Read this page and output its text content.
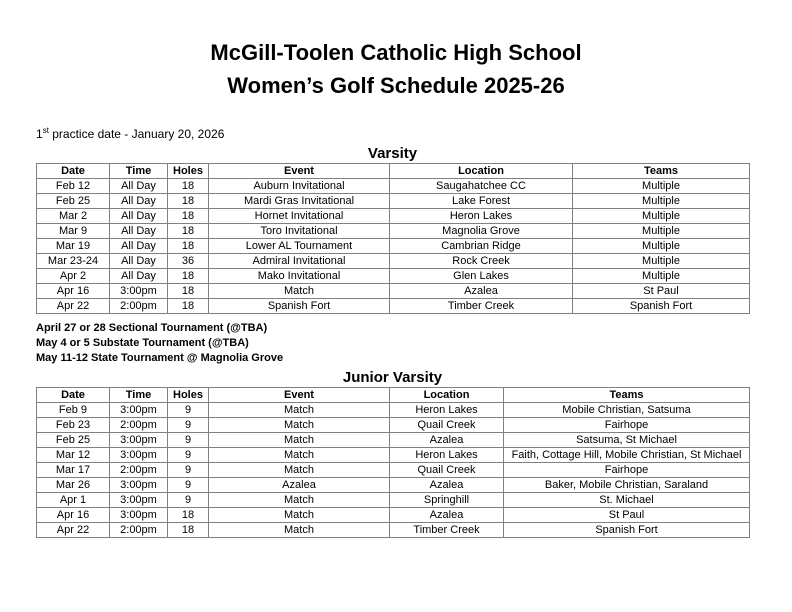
McGill-Toolen Catholic High School
Women’s Golf Schedule 2025-26
1st practice date - January 20, 2026
Varsity
Date	Time	Holes	Event	Location	Teams
Feb 12	All Day	18	Auburn Invitational	Saugahatchee CC	Multiple
Feb 25	All Day	18	Mardi Gras Invitational	Lake Forest	Multiple
Mar 2	All Day	18	Hornet Invitational	Heron Lakes	Multiple
Mar 9	All Day	18	Toro Invitational	Magnolia Grove	Multiple
Mar 19	All Day	18	Lower AL Tournament	Cambrian Ridge	Multiple
Mar 23-24	All Day	36	Admiral Invitational	Rock Creek	Multiple
Apr 2	All Day	18	Mako Invitational	Glen Lakes	Multiple
Apr 16	3:00pm	18	Match	Azalea	St Paul
Apr 22	2:00pm	18	Spanish Fort	Timber Creek	Spanish Fort
April 27 or 28 Sectional Tournament (@TBA)
May 4 or 5 Substate Tournament (@TBA)
May 11-12 State Tournament @ Magnolia Grove
Junior Varsity
Date	Time	Holes	Event	Location	Teams
Feb 9	3:00pm	9	Match	Heron Lakes	Mobile Christian, Satsuma
Feb 23	2:00pm	9	Match	Quail Creek	Fairhope
Feb 25	3:00pm	9	Match	Azalea	Satsuma, St Michael
Mar 12	3:00pm	9	Match	Heron Lakes	Faith, Cottage Hill, Mobile Christian, St Michael
Mar 17	2:00pm	9	Match	Quail Creek	Fairhope
Mar 26	3:00pm	9	Azalea	Azalea	Baker, Mobile Christian, Saraland
Apr 1	3:00pm	9	Match	Springhill	St. Michael
Apr 16	3:00pm	18	Match	Azalea	St Paul
Apr 22	2:00pm	18	Match	Timber Creek	Spanish Fort
